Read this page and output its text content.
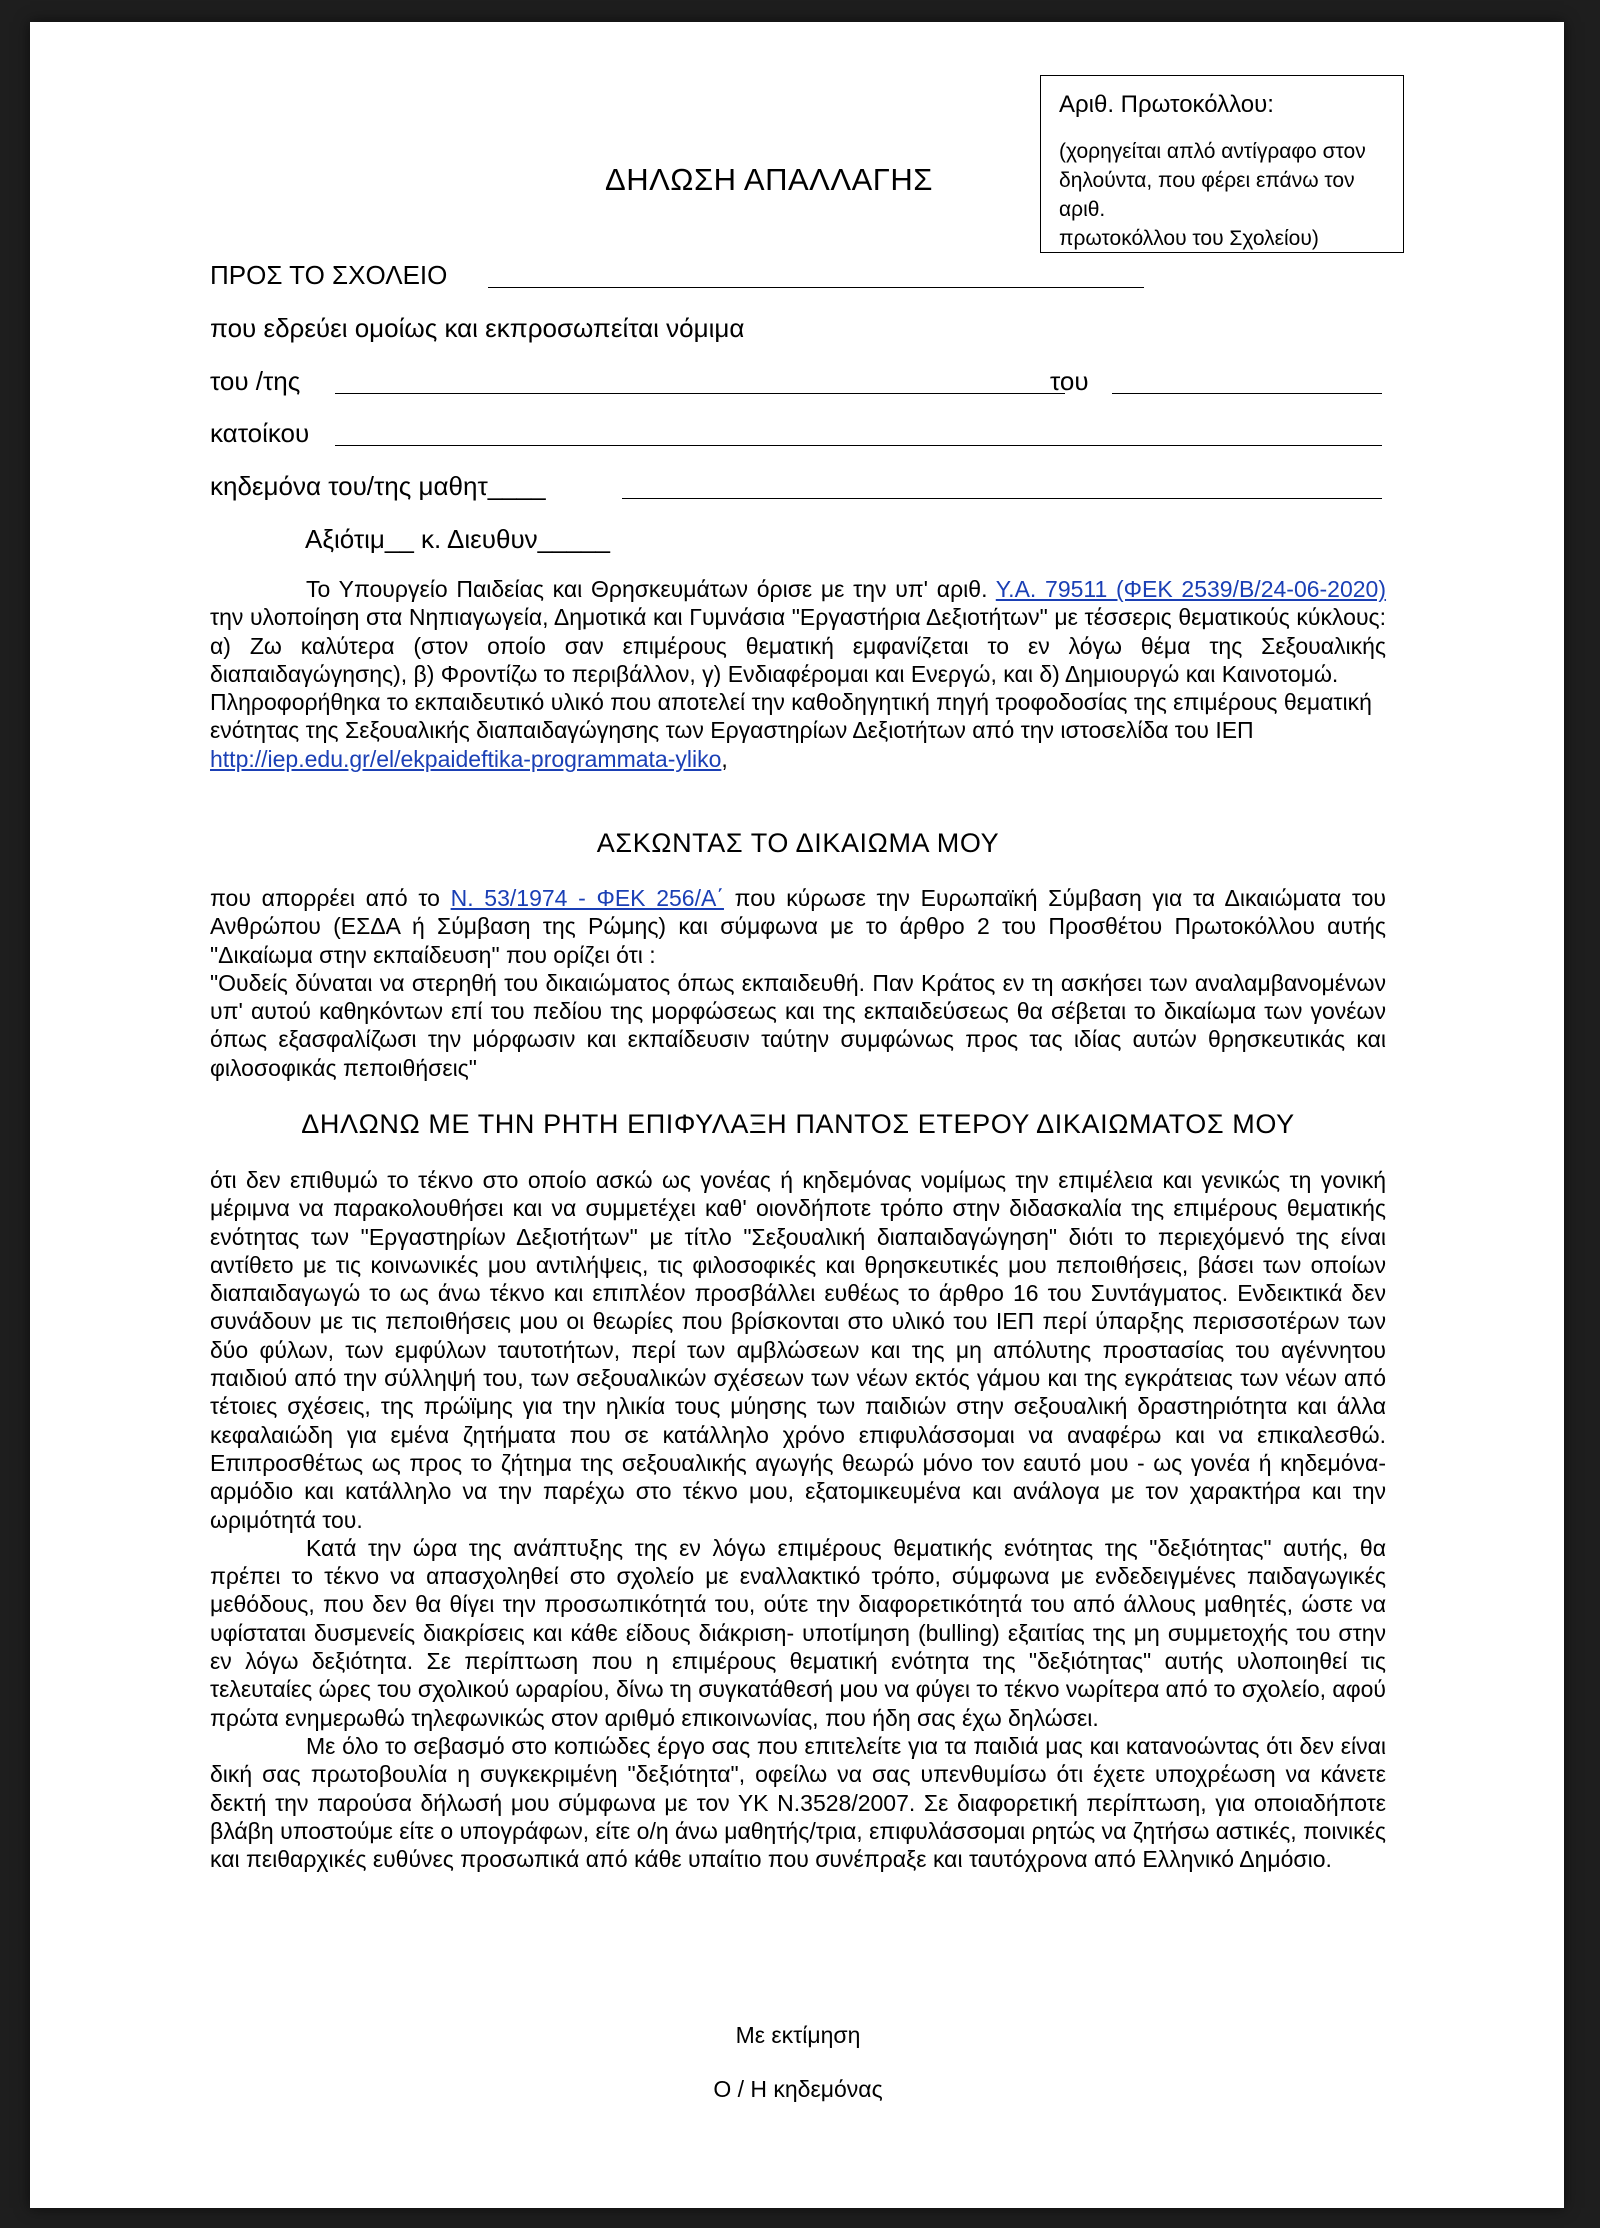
Αριθ. Πρωτοκόλλου:
(χορηγείται απλό αντίγραφο στον
δηλούντα, που φέρει επάνω τον αριθ.
πρωτοκόλλου του Σχολείου)
ΔΗΛΩΣΗ ΑΠΑΛΛΑΓΗΣ
ΠΡΟΣ ΤΟ ΣΧΟΛΕΙΟ
που εδρεύει ομοίως και εκπροσωπείται νόμιμα
του /της	του
κατοίκου
κηδεμόνα του/της μαθητ____
Αξιότιμ__ κ. Διευθυν_____

Το Υπουργείο Παιδείας και Θρησκευμάτων όρισε με την υπ' αριθ. Υ.Α. 79511 (ΦΕΚ 2539/Β/24-06-2020) την υλοποίηση στα Νηπιαγωγεία, Δημοτικά και Γυμνάσια "Εργαστήρια Δεξιοτήτων" με τέσσερις θεματικούς κύκλους: α) Ζω καλύτερα (στον οποίο σαν επιμέρους θεματική εμφανίζεται το εν λόγω θέμα της Σεξουαλικής διαπαιδαγώγησης), β) Φροντίζω το περιβάλλον, γ) Ενδιαφέρομαι και Ενεργώ, και δ) Δημιουργώ και Καινοτομώ.

Πληροφορήθηκα το εκπαιδευτικό υλικό που αποτελεί την καθοδηγητική πηγή τροφοδοσίας της επιμέρους θεματική ενότητας της Σεξουαλικής διαπαιδαγώγησης των Εργαστηρίων Δεξιοτήτων από την ιστοσελίδα του ΙΕΠ http://iep.edu.gr/el/ekpaideftika-programmata-yliko,

ΑΣΚΩΝΤΑΣ ΤΟ ΔΙΚΑΙΩΜΑ ΜΟΥ

που απορρέει από το Ν. 53/1974 - ΦΕΚ 256/Α΄ που κύρωσε την Ευρωπαϊκή Σύμβαση για τα Δικαιώματα του Ανθρώπου (ΕΣΔΑ ή Σύμβαση της Ρώμης) και σύμφωνα με το άρθρο 2 του Προσθέτου Πρωτοκόλλου αυτής "Δικαίωμα στην εκπαίδευση" που ορίζει ότι :

"Ουδείς δύναται να στερηθή του δικαιώματος όπως εκπαιδευθή. Παν Κράτος εν τη ασκήσει των αναλαμβανομένων υπ' αυτού καθηκόντων επί του πεδίου της μορφώσεως και της εκπαιδεύσεως θα σέβεται το δικαίωμα των γονέων όπως εξασφαλίζωσι την μόρφωσιν και εκπαίδευσιν ταύτην συμφώνως προς τας ιδίας αυτών θρησκευτικάς και φιλοσοφικάς πεποιθήσεις"

ΔΗΛΩΝΩ ΜΕ ΤΗΝ ΡΗΤΗ ΕΠΙΦΥΛΑΞΗ ΠΑΝΤΟΣ ΕΤΕΡΟΥ ΔΙΚΑΙΩΜΑΤΟΣ ΜΟΥ

ότι δεν επιθυμώ το τέκνο στο οποίο ασκώ ως γονέας ή κηδεμόνας νομίμως την επιμέλεια και γενικώς τη γονική μέριμνα να παρακολουθήσει και να συμμετέχει καθ' οιονδήποτε τρόπο στην διδασκαλία της επιμέρους θεματικής ενότητας των "Εργαστηρίων Δεξιοτήτων" με τίτλο "Σεξουαλική διαπαιδαγώγηση" διότι το περιεχόμενό της είναι αντίθετο με τις κοινωνικές μου αντιλήψεις, τις φιλοσοφικές και θρησκευτικές μου πεποιθήσεις, βάσει των οποίων διαπαιδαγωγώ το ως άνω τέκνο και επιπλέον προσβάλλει ευθέως το άρθρο 16 του Συντάγματος. Ενδεικτικά δεν συνάδουν με τις πεποιθήσεις μου οι θεωρίες που βρίσκονται στο υλικό του ΙΕΠ περί ύπαρξης περισσοτέρων των δύο φύλων, των εμφύλων ταυτοτήτων, περί των αμβλώσεων και της μη απόλυτης προστασίας του αγέννητου παιδιού από την σύλληψή του, των σεξουαλικών σχέσεων των νέων εκτός γάμου και της εγκράτειας των νέων από τέτοιες σχέσεις, της πρώϊμης για την ηλικία τους μύησης των παιδιών στην σεξουαλική δραστηριότητα και άλλα κεφαλαιώδη για εμένα ζητήματα που σε κατάλληλο χρόνο επιφυλάσσομαι να αναφέρω και να επικαλεσθώ. Επιπροσθέτως ως προς το ζήτημα της σεξουαλικής αγωγής θεωρώ μόνο τον εαυτό μου - ως γονέα ή κηδεμόνα- αρμόδιο και κατάλληλο να την παρέχω στο τέκνο μου, εξατομικευμένα και ανάλογα με τον χαρακτήρα και την ωριμότητά του.

Κατά την ώρα της ανάπτυξης της εν λόγω επιμέρους θεματικής ενότητας της "δεξιότητας" αυτής, θα πρέπει το τέκνο να απασχοληθεί στο σχολείο με εναλλακτικό τρόπο, σύμφωνα με ενδεδειγμένες παιδαγωγικές μεθόδους, που δεν θα θίγει την προσωπικότητά του, ούτε την διαφορετικότητά του από άλλους μαθητές, ώστε να υφίσταται δυσμενείς διακρίσεις και κάθε είδους διάκριση- υποτίμηση (bulling) εξαιτίας της μη συμμετοχής του στην εν λόγω δεξιότητα. Σε περίπτωση που η επιμέρους θεματική ενότητα της "δεξιότητας" αυτής υλοποιηθεί τις τελευταίες ώρες του σχολικού ωραρίου, δίνω τη συγκατάθεσή μου να φύγει το τέκνο νωρίτερα από το σχολείο, αφού πρώτα ενημερωθώ τηλεφωνικώς στον αριθμό επικοινωνίας, που ήδη σας έχω δηλώσει.

Με όλο το σεβασμό στο κοπιώδες έργο σας που επιτελείτε για τα παιδιά μας και κατανοώντας ότι δεν είναι δική σας πρωτοβουλία η συγκεκριμένη "δεξιότητα", οφείλω να σας υπενθυμίσω ότι έχετε υποχρέωση να κάνετε δεκτή την παρούσα δήλωσή μου σύμφωνα με τον ΥΚ Ν.3528/2007. Σε διαφορετική περίπτωση, για οποιαδήποτε βλάβη υποστούμε είτε ο υπογράφων, είτε ο/η άνω μαθητής/τρια, επιφυλάσσομαι ρητώς να ζητήσω αστικές, ποινικές και πειθαρχικές ευθύνες προσωπικά από κάθε υπαίτιο που συνέπραξε και ταυτόχρονα από Ελληνικό Δημόσιο.

Με εκτίμηση
Ο / Η κηδεμόνας
